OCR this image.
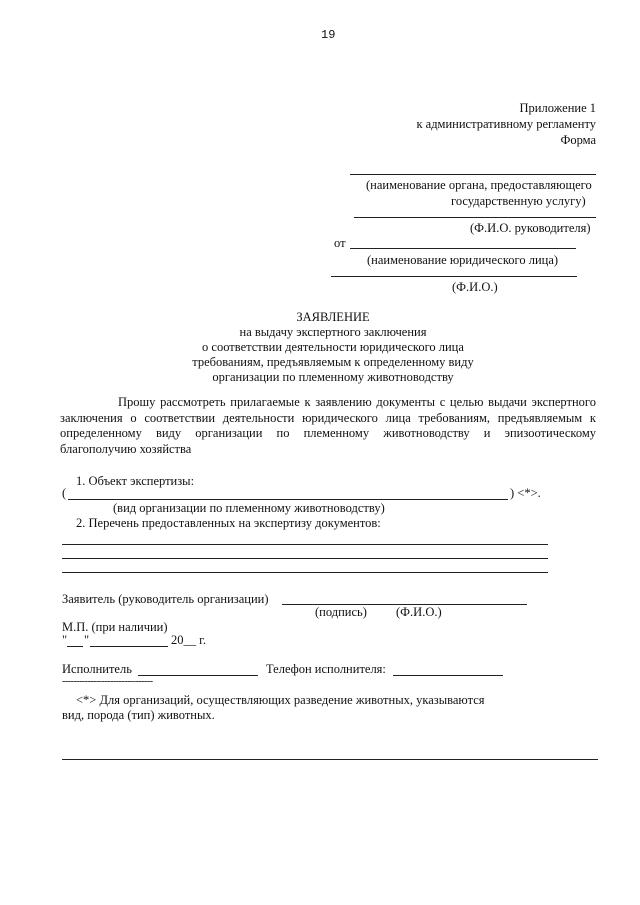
19
Приложение 1
к административному регламенту
Форма
(наименование органа, предоставляющего
государственную услугу)
(Ф.И.О. руководителя)
от
(наименование юридического лица)
(Ф.И.О.)
ЗАЯВЛЕНИЕ
на выдачу экспертного заключения
о соответствии деятельности юридического лица
требованиям, предъявляемым к определенному виду
организации по племенному животноводству
Прошу рассмотреть прилагаемые к заявлению документы с целью выдачи экспертного заключения о соответствии деятельности юридического лица требованиям, предъявляемым к определенному виду организации по племенному животноводству и эпизоотическому благополучию хозяйства
1. Объект экспертизы:
(	) <*>.
(вид организации по племенному животноводству)
2. Перечень предоставленных на экспертизу документов:
Заявитель (руководитель организации)
(подпись) (Ф.И.О.)
М.П. (при наличии)
" "	20__ г.
Исполнитель	Телефон исполнителя:
--------------------------------
<*> Для организаций, осуществляющих разведение животных, указываются
вид, порода (тип) животных.
